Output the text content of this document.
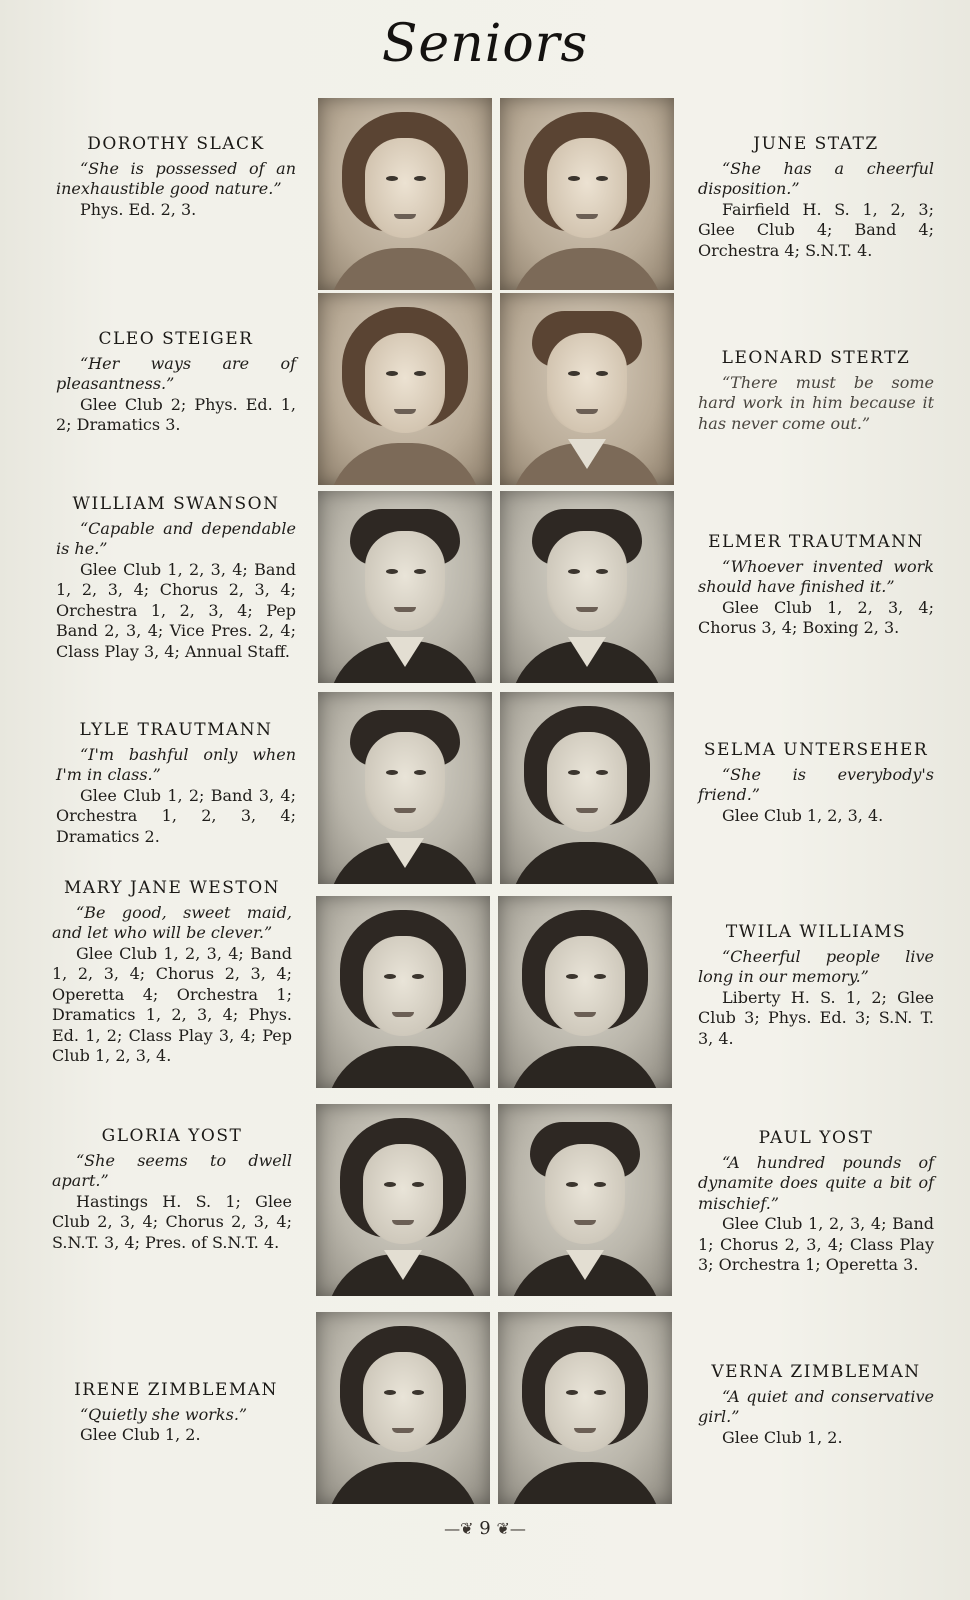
Seniors
DOROTHY SLACK
“She is possessed of an inexhaustible good nature.”
Phys. Ed. 2, 3.
JUNE STATZ
“She has a cheerful disposition.”
Fairfield H. S. 1, 2, 3; Glee Club 4; Band 4; Orchestra 4; S.N.T. 4.
CLEO STEIGER
“Her ways are of pleasantness.”
Glee Club 2; Phys. Ed. 1, 2; Dramatics 3.
LEONARD STERTZ
“There must be some hard work in him because it has never come out.”
WILLIAM SWANSON
“Capable and dependable is he.”
Glee Club 1, 2, 3, 4; Band 1, 2, 3, 4; Chorus 2, 3, 4; Orchestra 1, 2, 3, 4; Pep Band 2, 3, 4; Vice Pres. 2, 4; Class Play 3, 4; Annual Staff.
ELMER TRAUTMANN
“Whoever invented work should have finished it.”
Glee Club 1, 2, 3, 4; Chorus 3, 4; Boxing 2, 3.
LYLE TRAUTMANN
“I'm bashful only when I'm in class.”
Glee Club 1, 2; Band 3, 4; Orchestra 1, 2, 3, 4; Dramatics 2.
SELMA UNTERSEHER
“She is everybody's friend.”
Glee Club 1, 2, 3, 4.
MARY JANE WESTON
“Be good, sweet maid, and let who will be clever.”
Glee Club 1, 2, 3, 4; Band 1, 2, 3, 4; Chorus 2, 3, 4; Operetta 4; Orchestra 1; Dramatics 1, 2, 3, 4; Phys. Ed. 1, 2; Class Play 3, 4; Pep Club 1, 2, 3, 4.
TWILA WILLIAMS
“Cheerful people live long in our memory.”
Liberty H. S. 1, 2; Glee Club 3; Phys. Ed. 3; S.N. T. 3, 4.
GLORIA YOST
“She seems to dwell apart.”
Hastings H. S. 1; Glee Club 2, 3, 4; Chorus 2, 3, 4; S.N.T. 3, 4; Pres. of S.N.T. 4.
PAUL YOST
“A hundred pounds of dynamite does quite a bit of mischief.”
Glee Club 1, 2, 3, 4; Band 1; Chorus 2, 3, 4; Class Play 3; Orchestra 1; Operetta 3.
IRENE ZIMBLEMAN
“Quietly she works.”
Glee Club 1, 2.
VERNA ZIMBLEMAN
“A quiet and conservative girl.”
Glee Club 1, 2.
—❦ 9 ❦—
